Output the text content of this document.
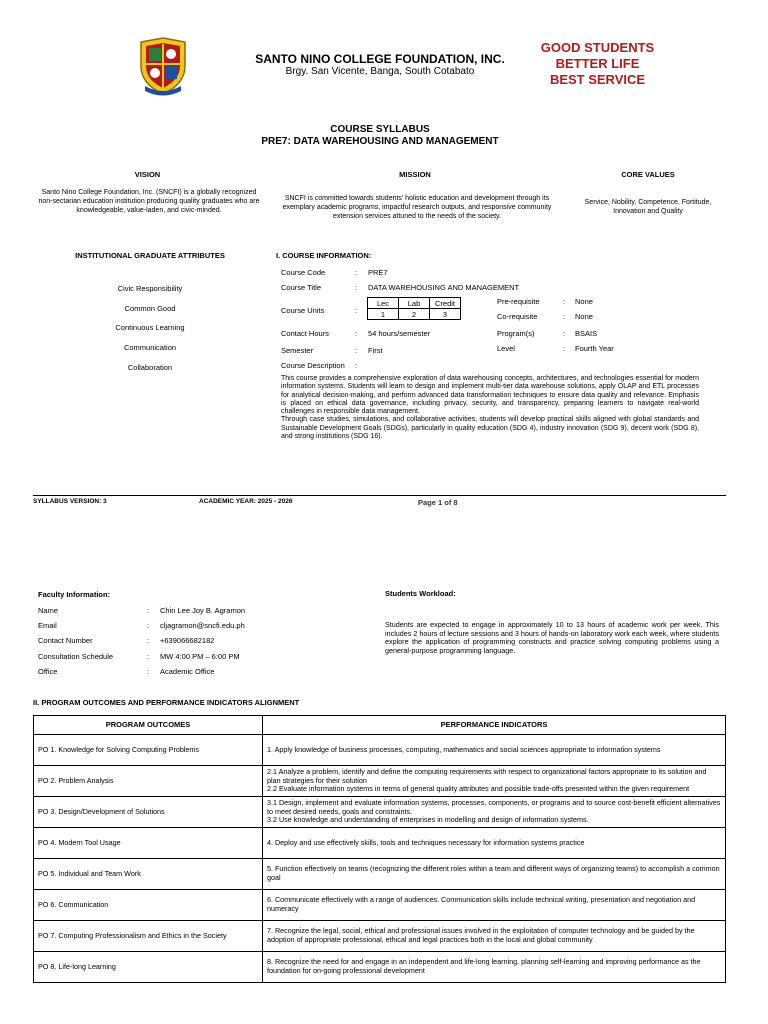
SANTO NINO COLLEGE FOUNDATION, INC.
Brgy. San Vicente, Banga, South Cotabato
GOOD STUDENTS
BETTER LIFE
BEST SERVICE
COURSE SYLLABUS
PRE7: DATA WAREHOUSING AND MANAGEMENT
VISION
Santo Nino College Foundation, Inc. (SNCFI) is a globally recognized non-sectarian education institution producing quality graduates who are knowledgeable, value-laden, and civic-minded.
MISSION
SNCFI is committed towards students’ holistic education and development through its exemplary academic programs, impactful research outputs, and responsive community extension services attuned to the needs of the society.
CORE VALUES
Service, Nobility, Competence, Fortitude, Innovation and Quality
INSTITUTIONAL GRADUATE ATTRIBUTES
Civic Responsibility
Common Good
Continuous Learning
Communication
Collaboration
I. COURSE INFORMATION:
Course Code	: PRE7
Course Title	: DATA WAREHOUSING AND MANAGEMENT
Course Units	:
Lec	Lab	Credit
1	2	3
Contact Hours	: 54 hours/semester
Semester	: First
Course Description	:
Pre-requisite	: None
Co-requisite	: None
Program(s)	: BSAIS
Level	: Fourth Year
This course provides a comprehensive exploration of data warehousing concepts, architectures, and technologies essential for modern information systems. Students will learn to design and implement multi-tier data warehouse solutions, apply OLAP and ETL processes for analytical decision-making, and perform advanced data transformation techniques to ensure data quality and relevance. Emphasis is placed on ethical data governance, including privacy, security, and transparency, preparing learners to navigate real-world challenges in responsible data management.
Through case studies, simulations, and collaborative activities, students will develop practical skills aligned with global standards and Sustainable Development Goals (SDGs), particularly in quality education (SDG 4), industry innovation (SDG 9), decent work (SDG 8), and strong institutions (SDG 16).
SYLLABUS VERSION: 3	ACADEMIC YEAR: 2025 - 2026	Page 1 of 8
Faculty Information:
Name	: Chin Lee Joy B. Agramon
Email	: cljagramon@sncfi.edu.ph
Contact Number	: +639066682182
Consultation Schedule	: MW 4:00 PM – 6:00 PM
Office	: Academic Office
Students Workload:
Students are expected to engage in approximately 10 to 13 hours of academic work per week. This includes 2 hours of lecture sessions and 3 hours of hands-on laboratory work each week, where students explore the application of programming constructs and practice solving computing problems using a general-purpose programming language.
II. PROGRAM OUTCOMES AND PERFORMANCE INDICATORS ALIGNMENT
PROGRAM OUTCOMES	PERFORMANCE INDICATORS
PO 1. Knowledge for Solving Computing Problems	1. Apply knowledge of business processes, computing, mathematics and social sciences appropriate to information systems

PO 2. Problem Analysis	2.1 Analyze a problem, identify and define the computing requirements with respect to organizational factors appropriate to its solution and plan strategies for their solution
2.2 Evaluate information systems in terms of general quality attributes and possible trade-offs presented within the given requirement

PO 3. Design/Development of Solutions	3.1 Design, implement and evaluate information systems, processes, components, or programs and to source cost-benefit efficient alternatives to meet desired needs, goals and constraints.
3.2 Use knowledge and understanding of enterprises in modelling and design of information systems.

PO 4. Modern Tool Usage	4. Deploy and use effectively skills, tools and techniques necessary for information systems practice

PO 5. Individual and Team Work	5. Function effectively on teams (recognizing the different roles within a team and different ways of organizing teams) to accomplish a common goal

PO 6. Communication	6. Communicate effectively with a range of audiences. Communication skills include technical writing, presentation and negotiation and numeracy

PO 7. Computing Professionalism and Ethics in the Society	7. Recognize the legal, social, ethical and professional issues involved in the exploitation of computer technology and be guided by the adoption of appropriate professional, ethical and legal practices both in the local and global community

PO 8. Life-long Learning	8. Recognize the need for and engage in an independent and life-long learning, planning self-learning and improving performance as the foundation for on-going professional development
